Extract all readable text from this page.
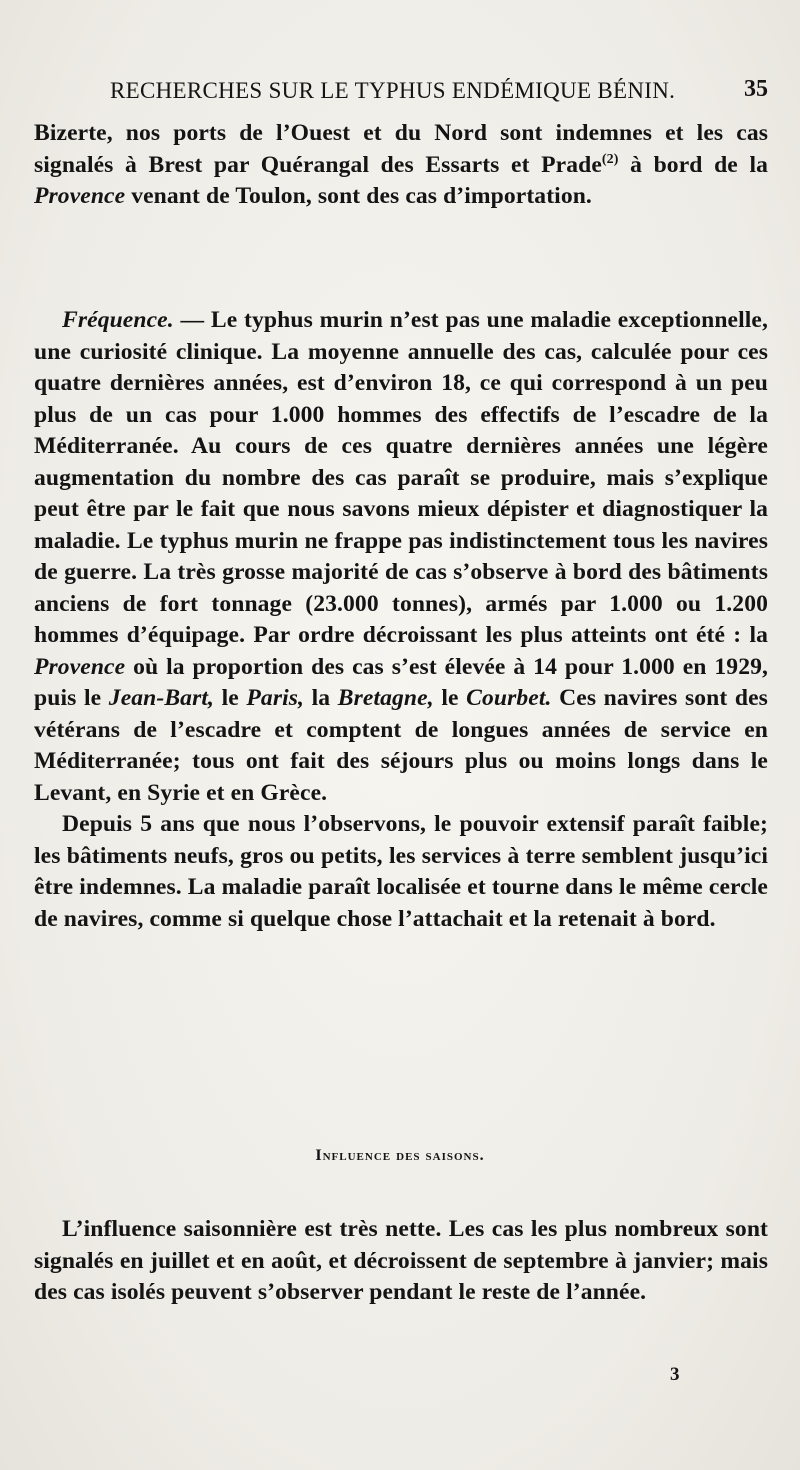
RECHERCHES SUR LE TYPHUS ENDÉMIQUE BÉNIN.	35

Bizerte, nos ports de l’Ouest et du Nord sont indemnes et les cas signalés à Brest par Quérangal des Essarts et Prade$^{(2)}$ à bord de la Provence venant de Toulon, sont des cas d’importation.

Fréquence. — Le typhus murin n’est pas une maladie exceptionnelle, une curiosité clinique. La moyenne annuelle des cas, calculée pour ces quatre dernières années, est d’environ 18, ce qui correspond à un peu plus de un cas pour 1.000 hommes des effectifs de l’escadre de la Méditerranée. Au cours de ces quatre dernières années une légère augmentation du nombre des cas paraît se produire, mais s’explique peut être par le fait que nous savons mieux dépister et diagnostiquer la maladie. Le typhus murin ne frappe pas indistinctement tous les navires de guerre. La très grosse majorité de cas s’observe à bord des bâtiments anciens de fort tonnage (23.000 tonnes), armés par 1.000 ou 1.200 hommes d’équipage. Par ordre décroissant les plus atteints ont été : la Provence où la proportion des cas s’est élevée à 14 pour 1.000 en 1929, puis le Jean-Bart, le Paris, la Bretagne, le Courbet. Ces navires sont des vétérans de l’escadre et comptent de longues années de service en Méditerranée; tous ont fait des séjours plus ou moins longs dans le Levant, en Syrie et en Grèce.

Depuis 5 ans que nous l’observons, le pouvoir extensif paraît faible; les bâtiments neufs, gros ou petits, les services à terre semblent jusqu’ici être indemnes. La maladie paraît localisée et tourne dans le même cercle de navires, comme si quelque chose l’attachait et la retenait à bord.

Influence des saisons.

L’influence saisonnière est très nette. Les cas les plus nombreux sont signalés en juillet et en août, et décroissent de septembre à janvier; mais des cas isolés peuvent s’observer pendant le reste de l’année.

3
